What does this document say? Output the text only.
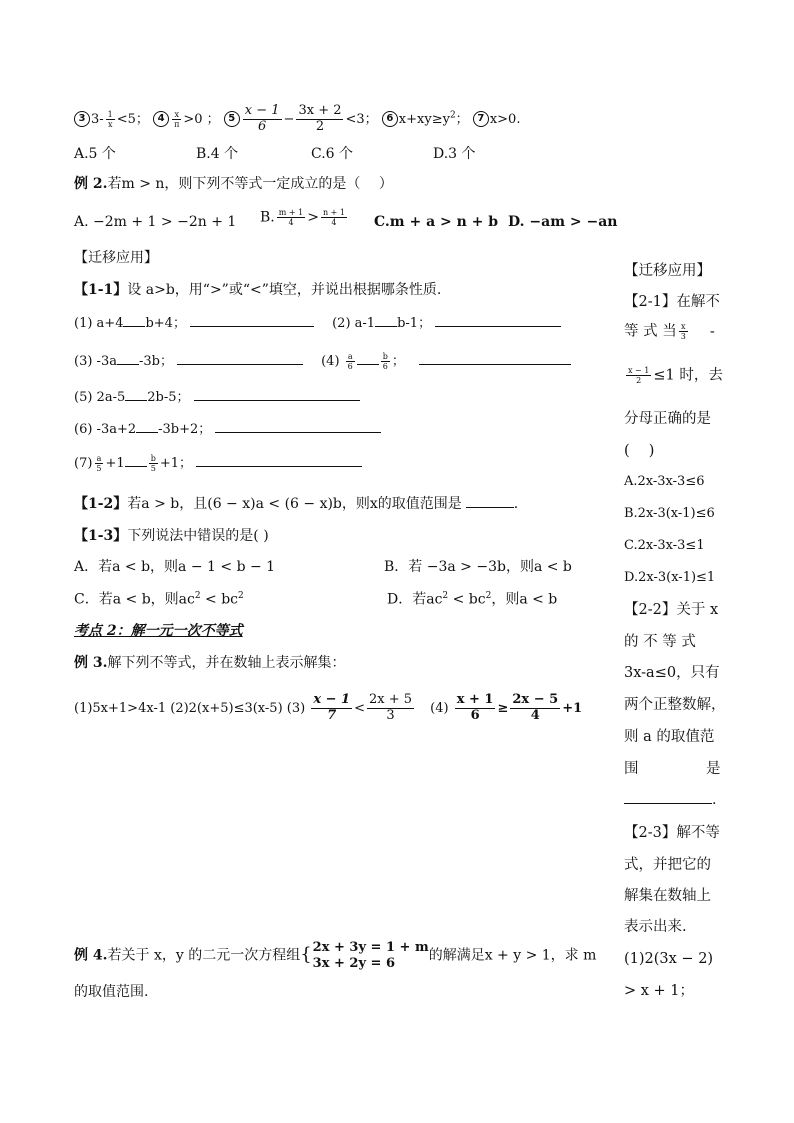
3 $3- \frac{1}{x} <5$； $4 \frac{x}{\pi} >0$ ； $5 \frac{x - 1}{6} - \frac{3x + 2}{2} <3$； 6 $x+xy\ge y^2$； 7 x>0.
A.5 个	B.4 个	C.6 个	D.3 个
例 2.若m > n，则下列不等式一定成立的是（　 ）
A. −2m + 1 > −2n + 1 B. $\frac{m + 1}{4} > \frac{n + 1}{4} C.m + a > n + b$ D. −am > −an
【迁移应用】
【1-1】设 a>b，用“>”或“<”填空，并说出根据哪条性质.
(1) a+4 b+4；	(2) a-1 b-1；
(3) -3a -3b；	$(4) \frac{a}{6}$	$\frac{b}{6}$ ；
(5) 2a-5 2b-5；
(6) -3a+2 -3b+2；
$(7) \frac{a}{5} +1$	$\frac{b}{5} +1$；
【1-2】若a > b，且(6 − x)a < (6 − x)b，则x的取值范围是	.
【1-3】下列说法中错误的是( )
A．若a < b，则a − 1 < b − 1	B．若 −3a > −3b，则a < b
C．若a < b，则$ac^2 < bc^2$	D．若$ac^2 < bc^2$，则a < b
考点 2：解一元一次不等式
例 3.解下列不等式，并在数轴上表示解集：
(1)5x+1>4x-1 (2)2(x+5)≤3(x-5) $(3) \frac{x - 1}{7} < \frac{2x + 5}{3} (4) \frac{x + 1}{6} \ge \frac{2x - 5}{4} +1$
例 4.若关于 x，y 的二元一次方程组{ 2x + 3y = 1 + m
3x + 2y = 6	的解满足x + y > 1，求 m
的取值范围.
【迁移应用】
【2-1】在解不
等 式 当 $\frac{x}{3}$ -
$\frac{x - 1}{2} \le 1$ 时，去
分母正确的是
(　 )
A.2x-3x-3≤6
B.2x-3(x-1)≤6
C.2x-3x-3≤1
D.2x-3(x-1)≤1
【2-2】关于 x
的 不 等 式
3x-a≤0，只有
两个正整数解，
则 a 的取值范
围	是
.
【2-3】解不等
式，并把它的
解集在数轴上
表示出来.
(1)2(3x − 2)
> x + 1；
